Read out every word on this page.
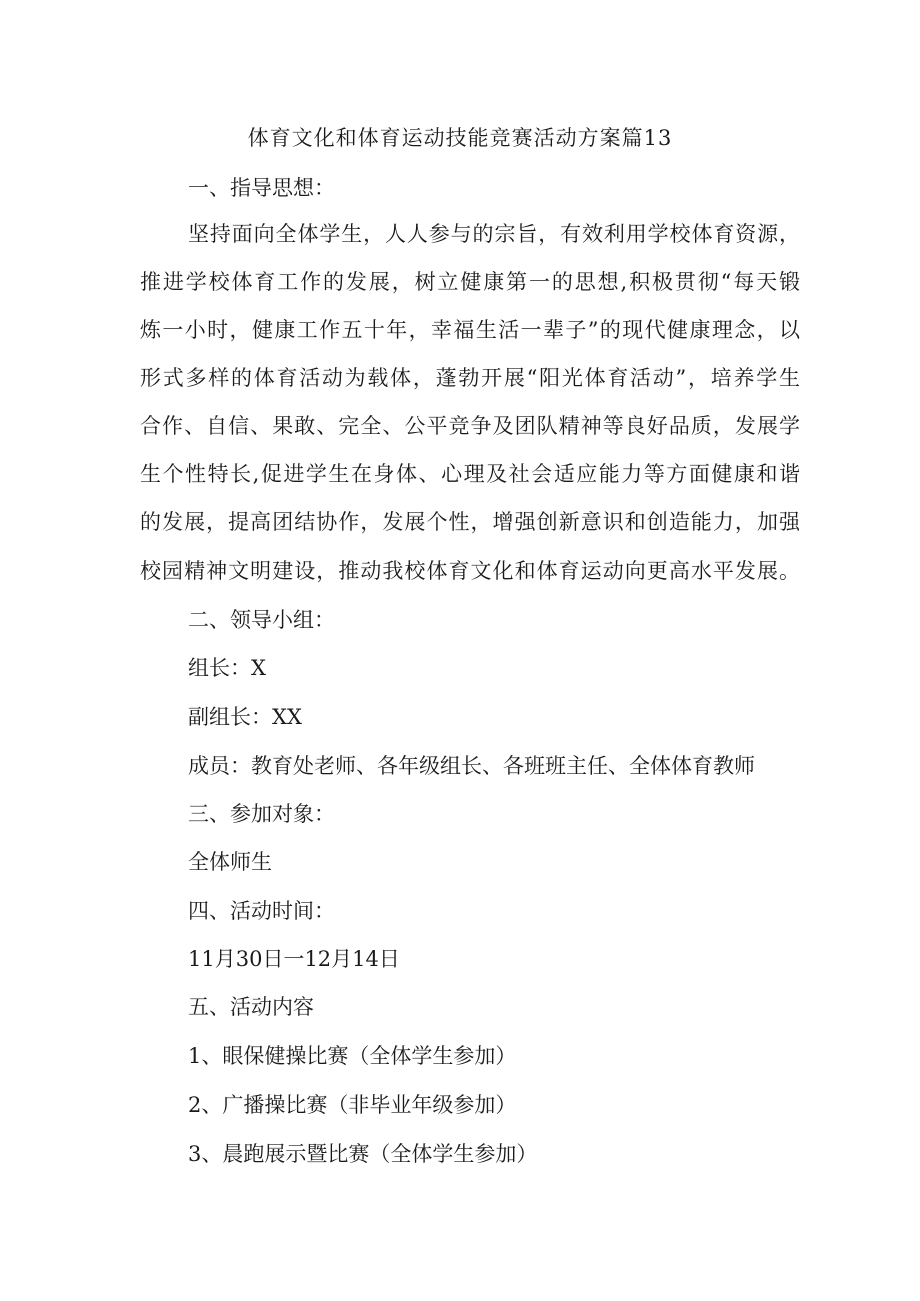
体育文化和体育运动技能竞赛活动方案篇13
一、指导思想：
坚持面向全体学生，人人参与的宗旨，有效利用学校体育资源，
推进学校体育工作的发展，树立健康第一的思想,积极贯彻“每天锻
炼一小时，健康工作五十年，幸福生活一辈子”的现代健康理念，以
形式多样的体育活动为载体，蓬勃开展“阳光体育活动”，培养学生
合作、自信、果敢、完全、公平竞争及团队精神等良好品质，发展学
生个性特长,促进学生在身体、心理及社会适应能力等方面健康和谐
的发展，提高团结协作，发展个性，增强创新意识和创造能力，加强
校园精神文明建设，推动我校体育文化和体育运动向更高水平发展。
二、领导小组：
组长：X
副组长：XX
成员：教育处老师、各年级组长、各班班主任、全体体育教师
三、参加对象：
全体师生
四、活动时间：
11月30日一12月14日
五、活动内容
1、眼保健操比赛（全体学生参加）
2、广播操比赛（非毕业年级参加）
3、晨跑展示暨比赛（全体学生参加）
